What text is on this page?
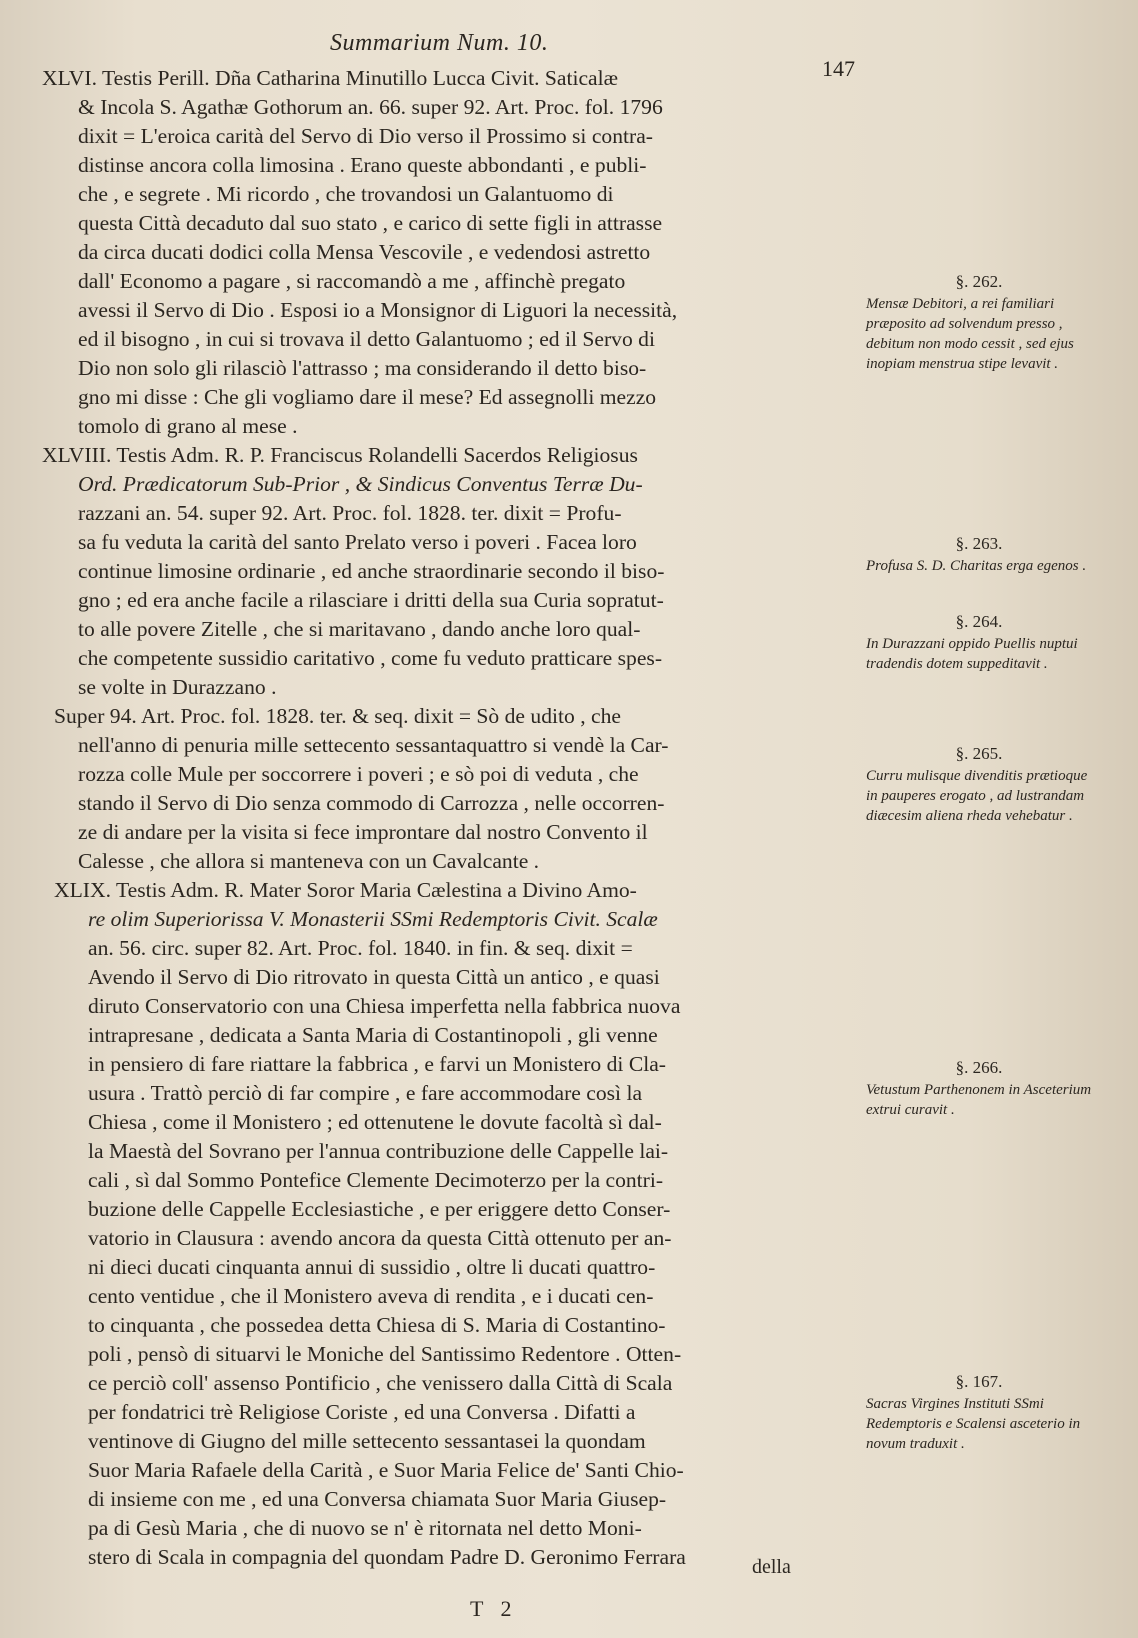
Summarium Num. 10.
147
XLVI. Testis Perill. Dña Catharina Minutillo Lucca Civit. Saticalæ
& Incola S. Agathæ Gothorum an. 66. super 92. Art. Proc. fol. 1796
dixit = L'eroica carità del Servo di Dio verso il Prossimo si contra-
distinse ancora colla limosina . Erano queste abbondanti , e publi-
che , e segrete . Mi ricordo , che trovandosi un Galantuomo di
questa Città decaduto dal suo stato , e carico di sette figli in attrasse
da circa ducati dodici colla Mensa Vescovile , e vedendosi astretto
dall' Economo a pagare , si raccomandò a me , affinchè pregato
avessi il Servo di Dio . Esposi io a Monsignor di Liguori la necessità,
ed il bisogno , in cui si trovava il detto Galantuomo ; ed il Servo di
Dio non solo gli rilasciò l'attrasso ; ma considerando il detto biso-
gno mi disse : Che gli vogliamo dare il mese? Ed assegnolli mezzo
tomolo di grano al mese .
XLVIII. Testis Adm. R. P. Franciscus Rolandelli Sacerdos Religiosus
Ord. Prædicatorum Sub-Prior , & Sindicus Conventus Terræ Du-
razzani an. 54. super 92. Art. Proc. fol. 1828. ter. dixit = Profu-
sa fu veduta la carità del santo Prelato verso i poveri . Facea loro
continue limosine ordinarie , ed anche straordinarie secondo il biso-
gno ; ed era anche facile a rilasciare i dritti della sua Curia sopratut-
to alle povere Zitelle , che si maritavano , dando anche loro qual-
che competente sussidio caritativo , come fu veduto pratticare spes-
se volte in Durazzano .
Super 94. Art. Proc. fol. 1828. ter. & seq. dixit = Sò de udito , che
nell'anno di penuria mille settecento sessantaquattro si vendè la Car-
rozza colle Mule per soccorrere i poveri ; e sò poi di veduta , che
stando il Servo di Dio senza commodo di Carrozza , nelle occorren-
ze di andare per la visita si fece improntare dal nostro Convento il
Calesse , che allora si manteneva con un Cavalcante .
XLIX. Testis Adm. R. Mater Soror Maria Cælestina a Divino Amo-
re olim Superiorissa V. Monasterii SSmi Redemptoris Civit. Scalæ
an. 56. circ. super 82. Art. Proc. fol. 1840. in fin. & seq. dixit =
Avendo il Servo di Dio ritrovato in questa Città un antico , e quasi
diruto Conservatorio con una Chiesa imperfetta nella fabbrica nuova
intrapresane , dedicata a Santa Maria di Costantinopoli , gli venne
in pensiero di fare riattare la fabbrica , e farvi un Monistero di Cla-
usura . Trattò perciò di far compire , e fare accommodare così la
Chiesa , come il Monistero ; ed ottenutene le dovute facoltà sì dal-
la Maestà del Sovrano per l'annua contribuzione delle Cappelle lai-
cali , sì dal Sommo Pontefice Clemente Decimoterzo per la contri-
buzione delle Cappelle Ecclesiastiche , e per eriggere detto Conser-
vatorio in Clausura : avendo ancora da questa Città ottenuto per an-
ni dieci ducati cinquanta annui di sussidio , oltre li ducati quattro-
cento ventidue , che il Monistero aveva di rendita , e i ducati cen-
to cinquanta , che possedea detta Chiesa di S. Maria di Costantino-
poli , pensò di situarvi le Moniche del Santissimo Redentore . Otten-
ce perciò coll' assenso Pontificio , che venissero dalla Città di Scala
per fondatrici trè Religiose Coriste , ed una Conversa . Difatti a
ventinove di Giugno del mille settecento sessantasei la quondam
Suor Maria Rafaele della Carità , e Suor Maria Felice de' Santi Chio-
di insieme con me , ed una Conversa chiamata Suor Maria Giusep-
pa di Gesù Maria , che di nuovo se n' è ritornata nel detto Moni-
stero di Scala in compagnia del quondam Padre D. Geronimo Ferrara
§. 262.
Mensæ Debitori, a rei familiari præposito ad solvendum presso , debitum non modo cessit , sed ejus inopiam menstrua stipe levavit .
§. 263.
Profusa S. D. Charitas erga egenos .
§. 264.
In Durazzani oppido Puellis nuptui tradendis dotem suppeditavit .
§. 265.
Curru mulisque divenditis prætioque in pauperes erogato , ad lustrandam diæcesim aliena rheda vehebatur .
§. 266.
Vetustum Parthenonem in Asceterium extrui curavit .
§. 167.
Sacras Virgines Instituti SSmi Redemptoris e Scalensi asceterio in novum traduxit .
della
T 2
